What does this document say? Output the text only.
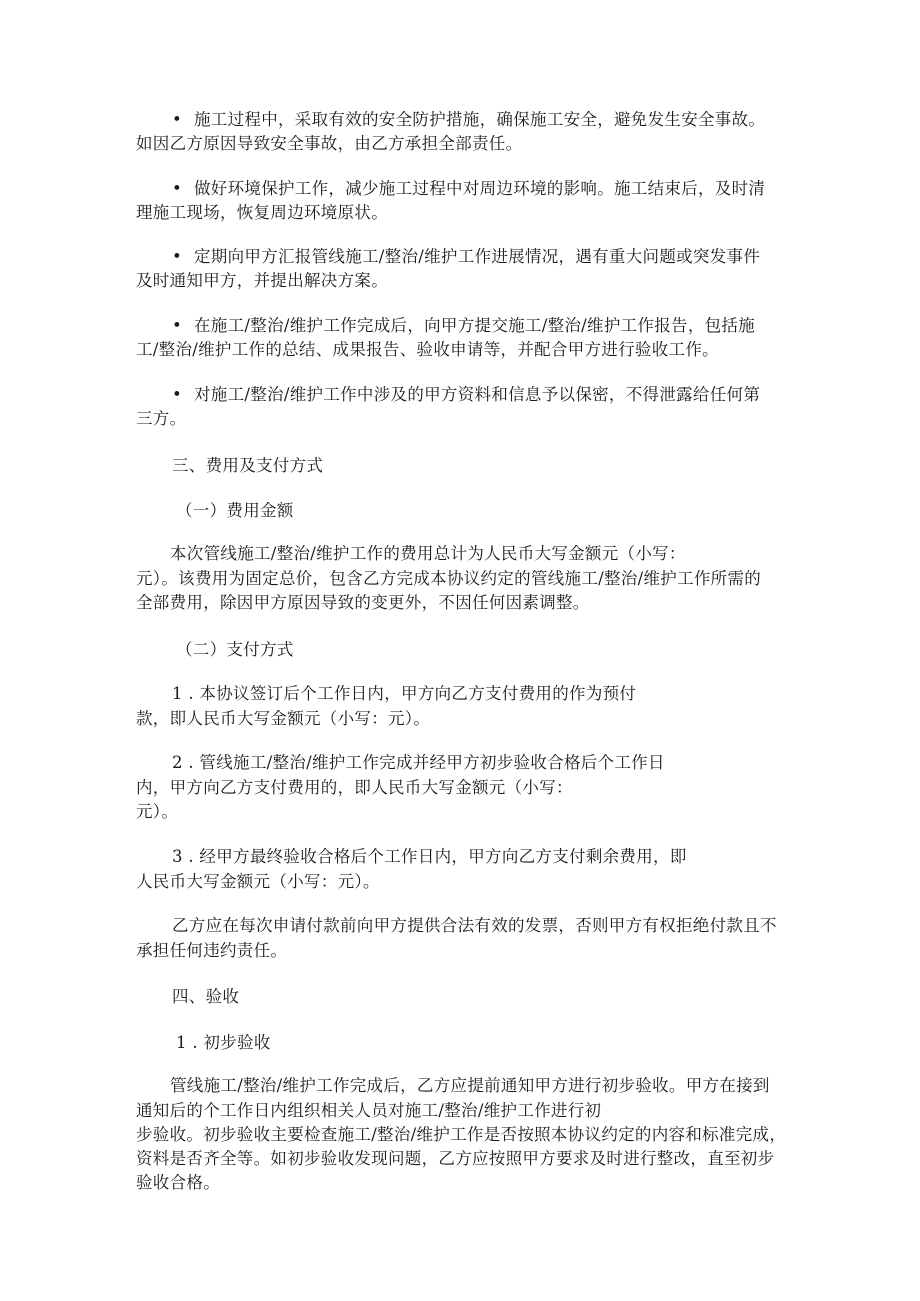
• 施工过程中，采取有效的安全防护措施，确保施工安全，避免发生安全事故。
如因乙方原因导致安全事故，由乙方承担全部责任。
• 做好环境保护工作，减少施工过程中对周边环境的影响。施工结束后，及时清
理施工现场，恢复周边环境原状。
• 定期向甲方汇报管线施工/整治/维护工作进展情况，遇有重大问题或突发事件
及时通知甲方，并提出解决方案。
• 在施工/整治/维护工作完成后，向甲方提交施工/整治/维护工作报告，包括施
工/整治/维护工作的总结、成果报告、验收申请等，并配合甲方进行验收工作。
• 对施工/整治/维护工作中涉及的甲方资料和信息予以保密，不得泄露给任何第
三方。
三、费用及支付方式
（一）费用金额
本次管线施工/整治/维护工作的费用总计为人民币大写金额元（小写：
元）。该费用为固定总价，包含乙方完成本协议约定的管线施工/整治/维护工作所需的
全部费用，除因甲方原因导致的变更外，不因任何因素调整。
（二）支付方式
1 . 本协议签订后个工作日内，甲方向乙方支付费用的作为预付
款，即人民币大写金额元（小写：元）。
2 . 管线施工/整治/维护工作完成并经甲方初步验收合格后个工作日
内，甲方向乙方支付费用的，即人民币大写金额元（小写：
元）。
3 . 经甲方最终验收合格后个工作日内，甲方向乙方支付剩余费用，即
人民币大写金额元（小写：元）。
乙方应在每次申请付款前向甲方提供合法有效的发票，否则甲方有权拒绝付款且不
承担任何违约责任。
四、验收
1 . 初步验收
管线施工/整治/维护工作完成后，乙方应提前通知甲方进行初步验收。甲方在接到
通知后的个工作日内组织相关人员对施工/整治/维护工作进行初
步验收。初步验收主要检查施工/整治/维护工作是否按照本协议约定的内容和标准完成，
资料是否齐全等。如初步验收发现问题，乙方应按照甲方要求及时进行整改，直至初步
验收合格。
